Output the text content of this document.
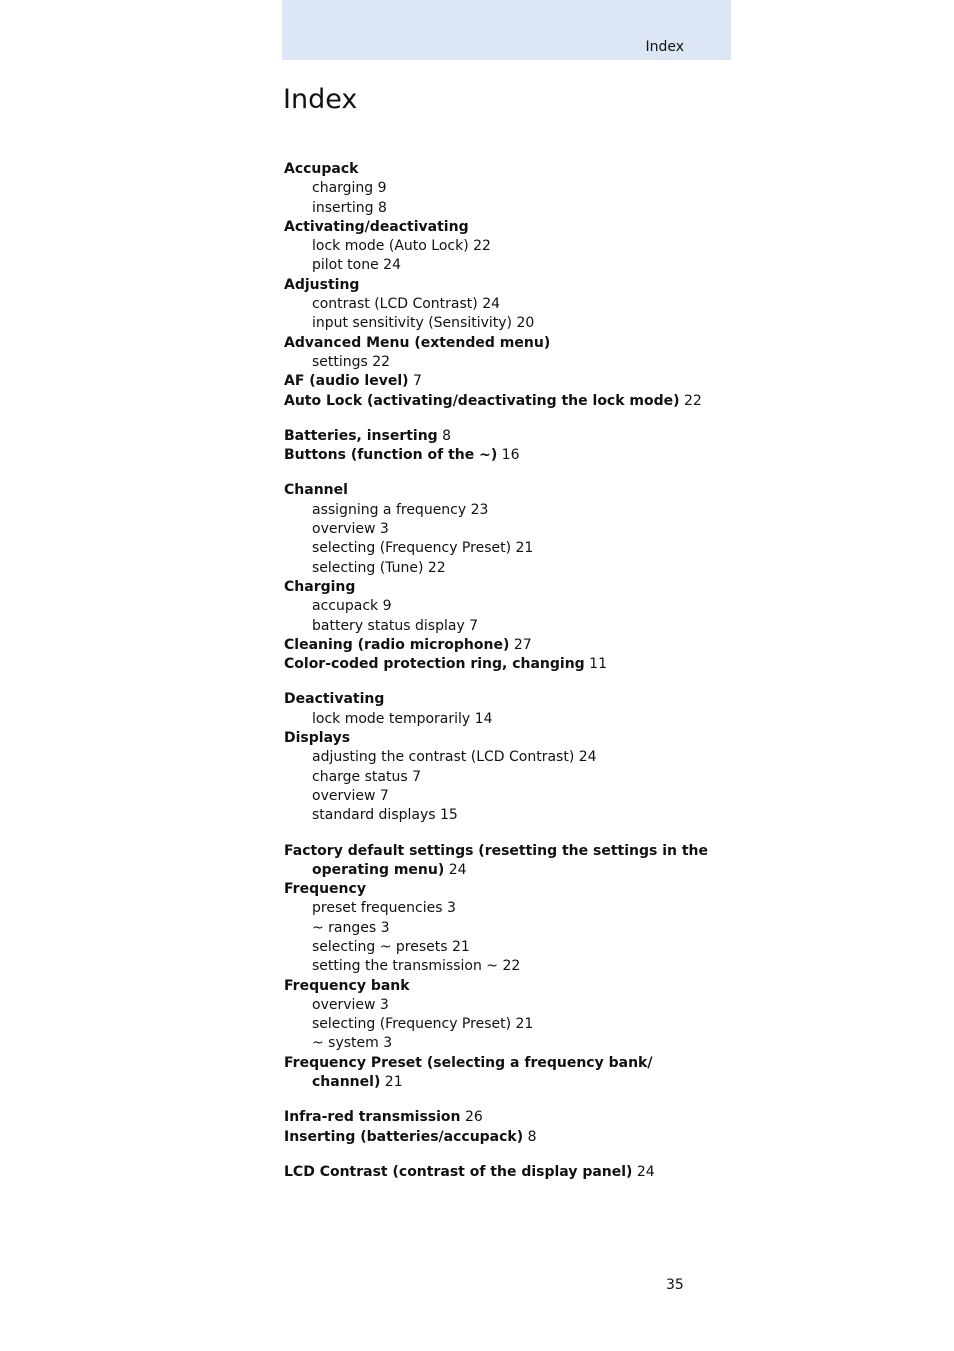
Index
Index
Accupack
charging 9
inserting 8
Activating/deactivating
lock mode (Auto Lock) 22
pilot tone 24
Adjusting
contrast (LCD Contrast) 24
input sensitivity (Sensitivity) 20
Advanced Menu (extended menu)
settings 22
AF (audio level) 7
Auto Lock (activating/deactivating the lock mode) 22
Batteries, inserting 8
Buttons (function of the ~) 16
Channel
assigning a frequency 23
overview 3
selecting (Frequency Preset) 21
selecting (Tune) 22
Charging
accupack 9
battery status display 7
Cleaning (radio microphone) 27
Color-coded protection ring, changing 11
Deactivating
lock mode temporarily 14
Displays
adjusting the contrast (LCD Contrast) 24
charge status 7
overview 7
standard displays 15
Factory default settings (resetting the settings in the operating menu) 24
Frequency
preset frequencies 3
~ ranges 3
selecting ~ presets 21
setting the transmission ~ 22
Frequency bank
overview 3
selecting (Frequency Preset) 21
~ system 3
Frequency Preset (selecting a frequency bank/ channel) 21
Infra-red transmission 26
Inserting (batteries/accupack) 8
LCD Contrast (contrast of the display panel) 24
35
